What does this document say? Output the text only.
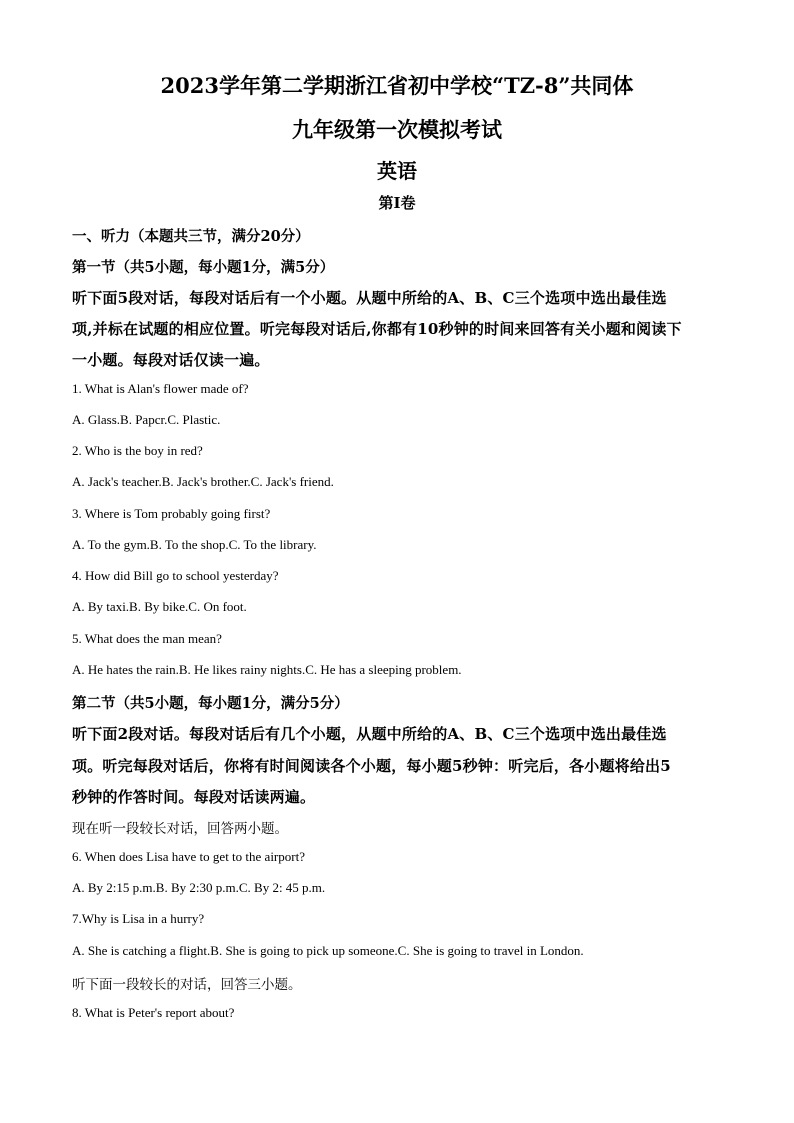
2023学年第二学期浙江省初中学校“TZ-8”共同体
九年级第一次模拟考试
英语
第I卷
一、听力（本题共三节，满分20分）
第一节（共5小题，每小题1分，满5分）
听下面5段对话，每段对话后有一个小题。从题中所给的A、B、C三个选项中选出最佳选
项,并标在试题的相应位置。听完每段对话后,你都有10秒钟的时间来回答有关小题和阅读下
一小题。每段对话仅读一遍。
1. What is Alan's flower made of?
A. Glass.B. Papcr.C. Plastic.
2. Who is the boy in red?
A. Jack's teacher.B. Jack's brother.C. Jack's friend.
3. Where is Tom probably going first?
A. To the gym.B. To the shop.C. To the library.
4. How did Bill go to school yesterday?
A. By taxi.B. By bike.C. On foot.
5. What does the man mean?
A. He hates the rain.B. He likes rainy nights.C. He has a sleeping problem.
第二节（共5小题，每小题1分，满分5分）
听下面2段对话。每段对话后有几个小题，从题中所给的A、B、C三个选项中选出最佳选
项。听完每段对话后，你将有时间阅读各个小题，每小题5秒钟：听完后，各小题将给出5
秒钟的作答时间。每段对话读两遍。
现在听一段较长对话，回答两小题。
6. When does Lisa have to get to the airport?
A. By 2:15 p.m.B. By 2:30 p.m.C. By 2: 45 p.m.
7.Why is Lisa in a hurry?
A. She is catching a flight.B. She is going to pick up someone.C. She is going to travel in London.
听下面一段较长的对话，回答三小题。
8. What is Peter's report about?
